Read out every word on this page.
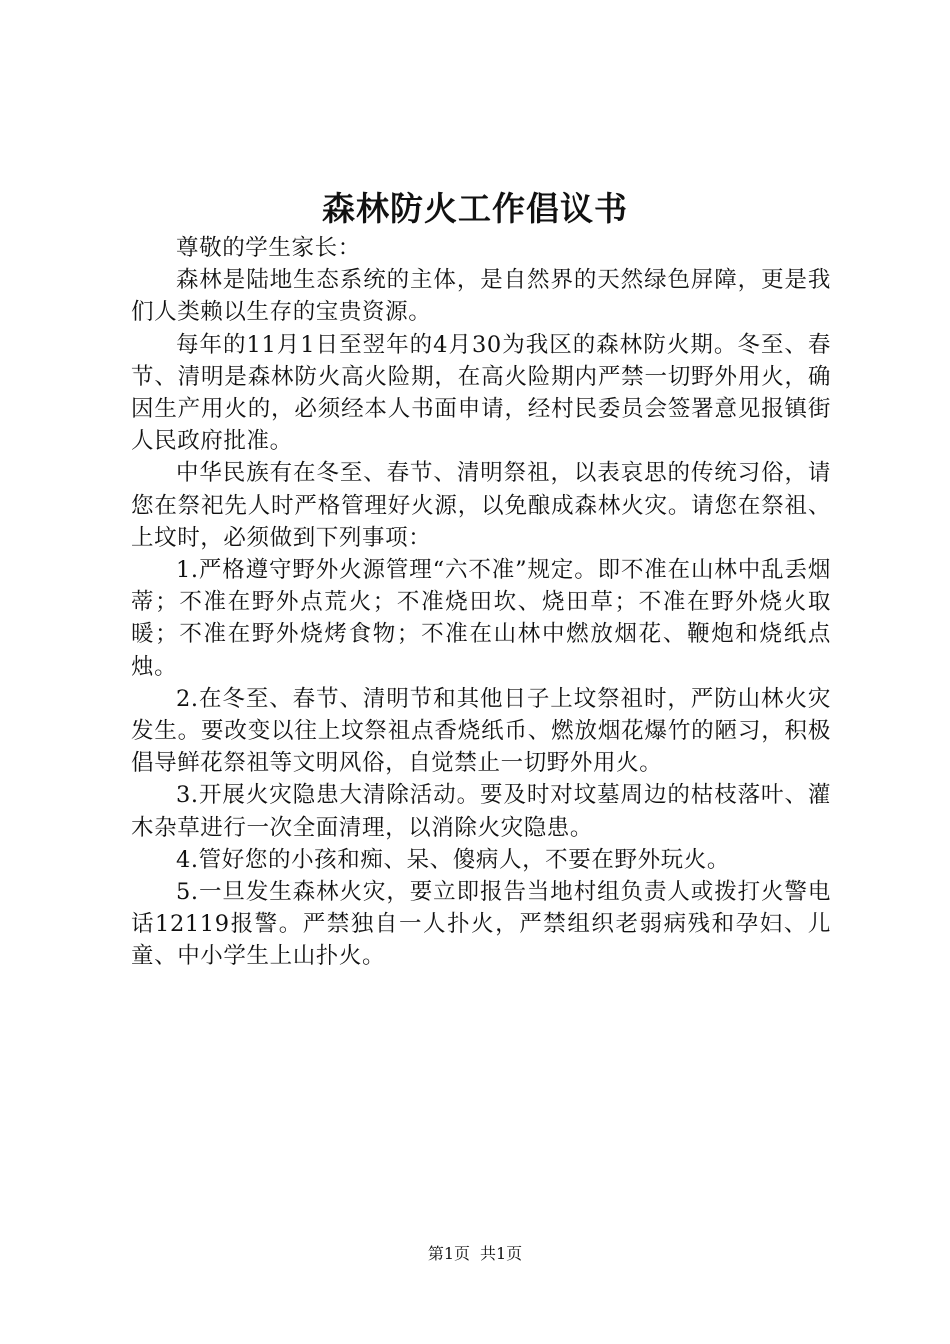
森林防火工作倡议书

尊敬的学生家长：

森林是陆地生态系统的主体，是自然界的天然绿色屏障，更是我们人类赖以生存的宝贵资源。

每年的11月1日至翌年的4月30为我区的森林防火期。冬至、春节、清明是森林防火高火险期，在高火险期内严禁一切野外用火，确因生产用火的，必须经本人书面申请，经村民委员会签署意见报镇街人民政府批准。

中华民族有在冬至、春节、清明祭祖，以表哀思的传统习俗，请您在祭祀先人时严格管理好火源，以免酿成森林火灾。请您在祭祖、上坟时，必须做到下列事项：

1.严格遵守野外火源管理“六不准”规定。即不准在山林中乱丢烟蒂；不准在野外点荒火；不准烧田坎、烧田草；不准在野外烧火取暖；不准在野外烧烤食物；不准在山林中燃放烟花、鞭炮和烧纸点烛。

2.在冬至、春节、清明节和其他日子上坟祭祖时，严防山林火灾发生。要改变以往上坟祭祖点香烧纸币、燃放烟花爆竹的陋习，积极倡导鲜花祭祖等文明风俗，自觉禁止一切野外用火。

3.开展火灾隐患大清除活动。要及时对坟墓周边的枯枝落叶、灌木杂草进行一次全面清理，以消除火灾隐患。

4.管好您的小孩和痴、呆、傻病人，不要在野外玩火。

5.一旦发生森林火灾，要立即报告当地村组负责人或拨打火警电话12119报警。严禁独自一人扑火，严禁组织老弱病残和孕妇、儿童、中小学生上山扑火。

第1页 共1页
